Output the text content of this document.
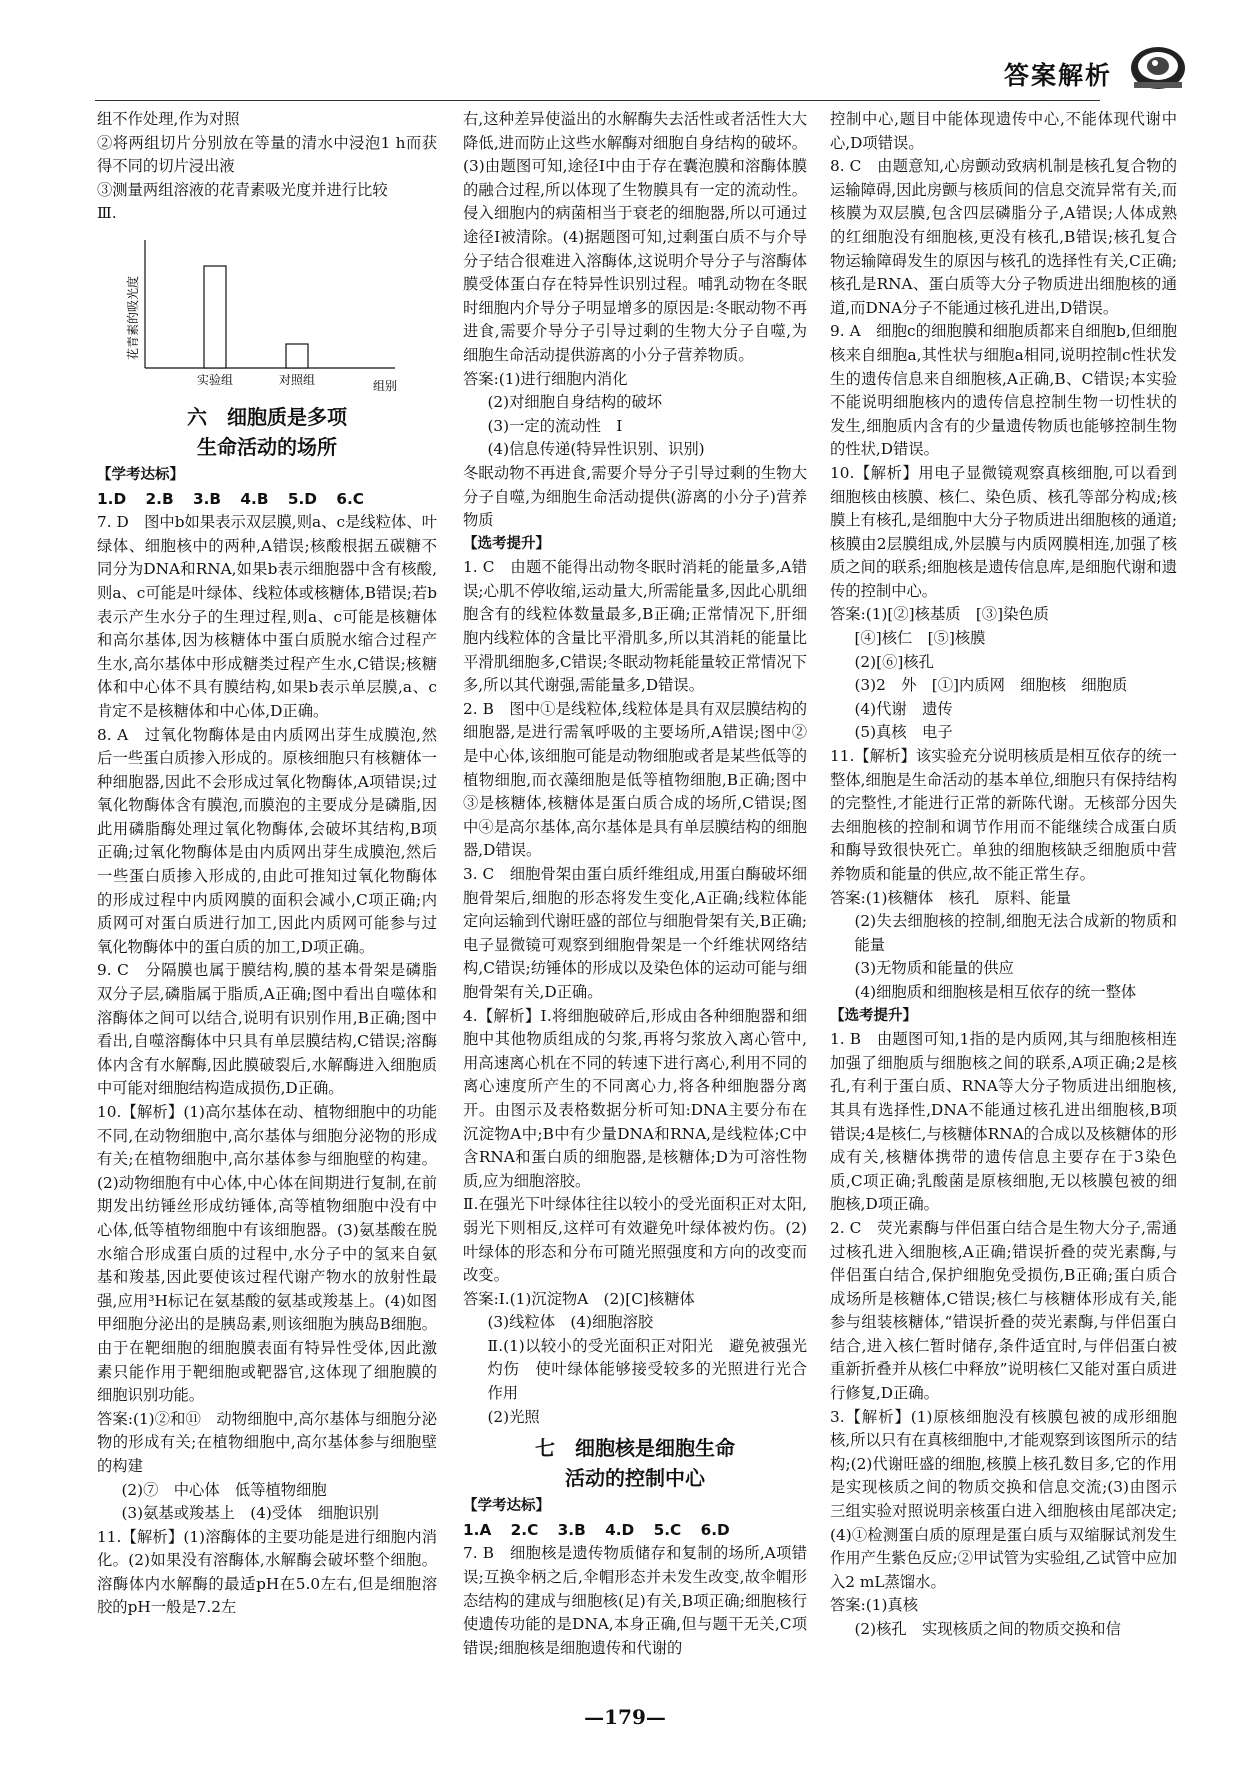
答案解析

组不作处理,作为对照

②将两组切片分别放在等量的清水中浸泡1 h而获得不同的切片浸出液

③测量两组溶液的花青素吸光度并进行比较

Ⅲ.

花青素的吸光度
组别
实验组	对照组
六　细胞质是多项
生命活动的场所

【学考达标】

1.D 2.B 3.B 4.B 5.D 6.C

7. D　图中b如果表示双层膜,则a、c是线粒体、叶绿体、细胞核中的两种,A错误;核酸根据五碳糖不同分为DNA和RNA,如果b表示细胞器中含有核酸,则a、c可能是叶绿体、线粒体或核糖体,B错误;若b表示产生水分子的生理过程,则a、c可能是核糖体和高尔基体,因为核糖体中蛋白质脱水缩合过程产生水,高尔基体中形成糖类过程产生水,C错误;核糖体和中心体不具有膜结构,如果b表示单层膜,a、c肯定不是核糖体和中心体,D正确。

8. A　过氧化物酶体是由内质网出芽生成膜泡,然后一些蛋白质掺入形成的。原核细胞只有核糖体一种细胞器,因此不会形成过氧化物酶体,A项错误;过氧化物酶体含有膜泡,而膜泡的主要成分是磷脂,因此用磷脂酶处理过氧化物酶体,会破坏其结构,B项正确;过氧化物酶体是由内质网出芽生成膜泡,然后一些蛋白质掺入形成的,由此可推知过氧化物酶体的形成过程中内质网膜的面积会减小,C项正确;内质网可对蛋白质进行加工,因此内质网可能参与过氧化物酶体中的蛋白质的加工,D项正确。

9. C　分隔膜也属于膜结构,膜的基本骨架是磷脂双分子层,磷脂属于脂质,A正确;图中看出自噬体和溶酶体之间可以结合,说明有识别作用,B正确;图中看出,自噬溶酶体中只具有单层膜结构,C错误;溶酶体内含有水解酶,因此膜破裂后,水解酶进入细胞质中可能对细胞结构造成损伤,D正确。

10.【解析】(1)高尔基体在动、植物细胞中的功能不同,在动物细胞中,高尔基体与细胞分泌物的形成有关;在植物细胞中,高尔基体参与细胞壁的构建。(2)动物细胞有中心体,中心体在间期进行复制,在前期发出纺锤丝形成纺锤体,高等植物细胞中没有中心体,低等植物细胞中有该细胞器。(3)氨基酸在脱水缩合形成蛋白质的过程中,水分子中的氢来自氨基和羧基,因此要使该过程代谢产物水的放射性最强,应用³H标记在氨基酸的氨基或羧基上。(4)如图甲细胞分泌出的是胰岛素,则该细胞为胰岛B细胞。由于在靶细胞的细胞膜表面有特异性受体,因此激素只能作用于靶细胞或靶器官,这体现了细胞膜的细胞识别功能。

答案:(1)②和⑪　动物细胞中,高尔基体与细胞分泌物的形成有关;在植物细胞中,高尔基体参与细胞壁的构建

(2)⑦　中心体　低等植物细胞

(3)氨基或羧基上　(4)受体　细胞识别

11.【解析】(1)溶酶体的主要功能是进行细胞内消化。(2)如果没有溶酶体,水解酶会破坏整个细胞。溶酶体内水解酶的最适pH在5.0左右,但是细胞溶胶的pH一般是7.2左

右,这种差异使溢出的水解酶失去活性或者活性大大降低,进而防止这些水解酶对细胞自身结构的破坏。(3)由题图可知,途径Ⅰ中由于存在囊泡膜和溶酶体膜的融合过程,所以体现了生物膜具有一定的流动性。侵入细胞内的病菌相当于衰老的细胞器,所以可通过途径Ⅰ被清除。(4)据题图可知,过剩蛋白质不与介导分子结合很难进入溶酶体,这说明介导分子与溶酶体膜受体蛋白存在特异性识别过程。哺乳动物在冬眠时细胞内介导分子明显增多的原因是:冬眠动物不再进食,需要介导分子引导过剩的生物大分子自噬,为细胞生命活动提供游离的小分子营养物质。

答案:(1)进行细胞内消化

(2)对细胞自身结构的破坏

(3)一定的流动性　Ⅰ

(4)信息传递(特异性识别、识别)

冬眠动物不再进食,需要介导分子引导过剩的生物大分子自噬,为细胞生命活动提供(游离的小分子)营养物质

【选考提升】

1. C　由题不能得出动物冬眠时消耗的能量多,A错误;心肌不停收缩,运动量大,所需能量多,因此心肌细胞含有的线粒体数量最多,B正确;正常情况下,肝细胞内线粒体的含量比平滑肌多,所以其消耗的能量比平滑肌细胞多,C错误;冬眠动物耗能量较正常情况下多,所以其代谢强,需能量多,D错误。

2. B　图中①是线粒体,线粒体是具有双层膜结构的细胞器,是进行需氧呼吸的主要场所,A错误;图中②是中心体,该细胞可能是动物细胞或者是某些低等的植物细胞,而衣藻细胞是低等植物细胞,B正确;图中③是核糖体,核糖体是蛋白质合成的场所,C错误;图中④是高尔基体,高尔基体是具有单层膜结构的细胞器,D错误。

3. C　细胞骨架由蛋白质纤维组成,用蛋白酶破坏细胞骨架后,细胞的形态将发生变化,A正确;线粒体能定向运输到代谢旺盛的部位与细胞骨架有关,B正确;电子显微镜可观察到细胞骨架是一个纤维状网络结构,C错误;纺锤体的形成以及染色体的运动可能与细胞骨架有关,D正确。

4.【解析】Ⅰ.将细胞破碎后,形成由各种细胞器和细胞中其他物质组成的匀浆,再将匀浆放入离心管中,用高速离心机在不同的转速下进行离心,利用不同的离心速度所产生的不同离心力,将各种细胞器分离开。由图示及表格数据分析可知:DNA主要分布在沉淀物A中;B中有少量DNA和RNA,是线粒体;C中含RNA和蛋白质的细胞器,是核糖体;D为可溶性物质,应为细胞溶胶。

Ⅱ.在强光下叶绿体往往以较小的受光面积正对太阳,弱光下则相反,这样可有效避免叶绿体被灼伤。(2)叶绿体的形态和分布可随光照强度和方向的改变而改变。

答案:Ⅰ.(1)沉淀物A　(2)[C]核糖体

(3)线粒体　(4)细胞溶胶

Ⅱ.(1)以较小的受光面积正对阳光　避免被强光灼伤　使叶绿体能够接受较多的光照进行光合作用

(2)光照

七　细胞核是细胞生命
活动的控制中心

【学考达标】

1.A 2.C 3.B 4.D 5.C 6.D

7. B　细胞核是遗传物质储存和复制的场所,A项错误;互换伞柄之后,伞帽形态并未发生改变,故伞帽形态结构的建成与细胞核(足)有关,B项正确;细胞核行使遗传功能的是DNA,本身正确,但与题干无关,C项错误;细胞核是细胞遗传和代谢的

控制中心,题目中能体现遗传中心,不能体现代谢中心,D项错误。

8. C　由题意知,心房颤动致病机制是核孔复合物的运输障碍,因此房颤与核质间的信息交流异常有关,而核膜为双层膜,包含四层磷脂分子,A错误;人体成熟的红细胞没有细胞核,更没有核孔,B错误;核孔复合物运输障碍发生的原因与核孔的选择性有关,C正确;核孔是RNA、蛋白质等大分子物质进出细胞核的通道,而DNA分子不能通过核孔进出,D错误。

9. A　细胞c的细胞膜和细胞质都来自细胞b,但细胞核来自细胞a,其性状与细胞a相同,说明控制c性状发生的遗传信息来自细胞核,A正确,B、C错误;本实验不能说明细胞核内的遗传信息控制生物一切性状的发生,细胞质内含有的少量遗传物质也能够控制生物的性状,D错误。

10.【解析】用电子显微镜观察真核细胞,可以看到细胞核由核膜、核仁、染色质、核孔等部分构成;核膜上有核孔,是细胞中大分子物质进出细胞核的通道;核膜由2层膜组成,外层膜与内质网膜相连,加强了核质之间的联系;细胞核是遗传信息库,是细胞代谢和遗传的控制中心。

答案:(1)[②]核基质　[③]染色质

[④]核仁　[⑤]核膜

(2)[⑥]核孔

(3)2　外　[①]内质网　细胞核　细胞质

(4)代谢　遗传

(5)真核　电子

11.【解析】该实验充分说明核质是相互依存的统一整体,细胞是生命活动的基本单位,细胞只有保持结构的完整性,才能进行正常的新陈代谢。无核部分因失去细胞核的控制和调节作用而不能继续合成蛋白质和酶导致很快死亡。单独的细胞核缺乏细胞质中营养物质和能量的供应,故不能正常生存。

答案:(1)核糖体　核孔　原料、能量

(2)失去细胞核的控制,细胞无法合成新的物质和能量

(3)无物质和能量的供应

(4)细胞质和细胞核是相互依存的统一整体

【选考提升】

1. B　由题图可知,1指的是内质网,其与细胞核相连加强了细胞质与细胞核之间的联系,A项正确;2是核孔,有利于蛋白质、RNA等大分子物质进出细胞核,其具有选择性,DNA不能通过核孔进出细胞核,B项错误;4是核仁,与核糖体RNA的合成以及核糖体的形成有关,核糖体携带的遗传信息主要存在于3染色质,C项正确;乳酸菌是原核细胞,无以核膜包被的细胞核,D项正确。

2. C　荧光素酶与伴侣蛋白结合是生物大分子,需通过核孔进入细胞核,A正确;错误折叠的荧光素酶,与伴侣蛋白结合,保护细胞免受损伤,B正确;蛋白质合成场所是核糖体,C错误;核仁与核糖体形成有关,能参与组装核糖体,“错误折叠的荧光素酶,与伴侣蛋白结合,进入核仁暂时储存,条件适宜时,与伴侣蛋白被重新折叠并从核仁中释放”说明核仁又能对蛋白质进行修复,D正确。

3.【解析】(1)原核细胞没有核膜包被的成形细胞核,所以只有在真核细胞中,才能观察到该图所示的结构;(2)代谢旺盛的细胞,核膜上核孔数目多,它的作用是实现核质之间的物质交换和信息交流;(3)由图示三组实验对照说明亲核蛋白进入细胞核由尾部决定;(4)①检测蛋白质的原理是蛋白质与双缩脲试剂发生作用产生紫色反应;②甲试管为实验组,乙试管中应加入2 mL蒸馏水。

答案:(1)真核

(2)核孔　实现核质之间的物质交换和信

—179—
